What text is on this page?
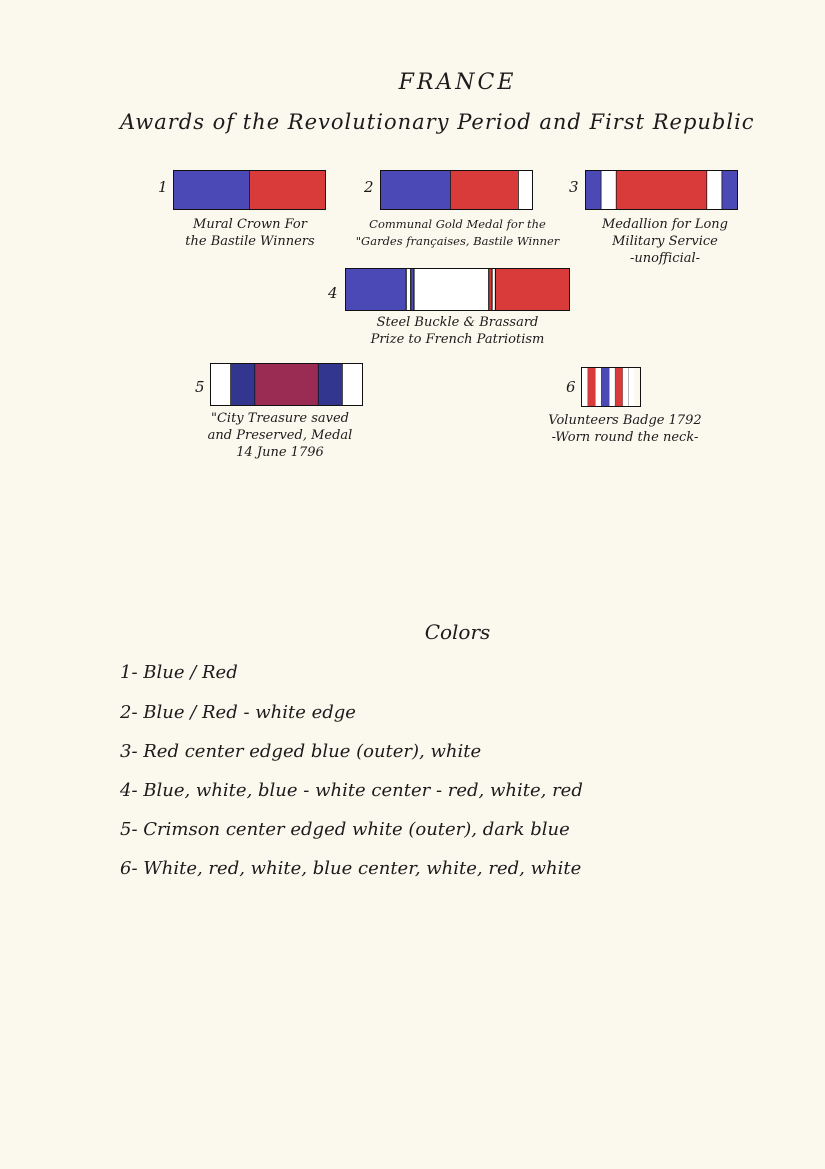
FRANCE
Awards of the Revolutionary Period and First Republic
1
Mural Crown For
the Bastile Winners
2
Communal Gold Medal for the
"Gardes françaises, Bastile Winner
3
Medallion for Long
Military Service
-unofficial-
4
Steel Buckle & Brassard
Prize to French Patriotism
5
"City Treasure saved
and Preserved, Medal
14 June 1796
6
Volunteers Badge 1792
-Worn round the neck-
Colors
1- Blue / Red
2- Blue / Red - white edge
3- Red center edged blue (outer), white
4- Blue, white, blue - white center - red, white, red
5- Crimson center edged white (outer), dark blue
6- White, red, white, blue center, white, red, white
